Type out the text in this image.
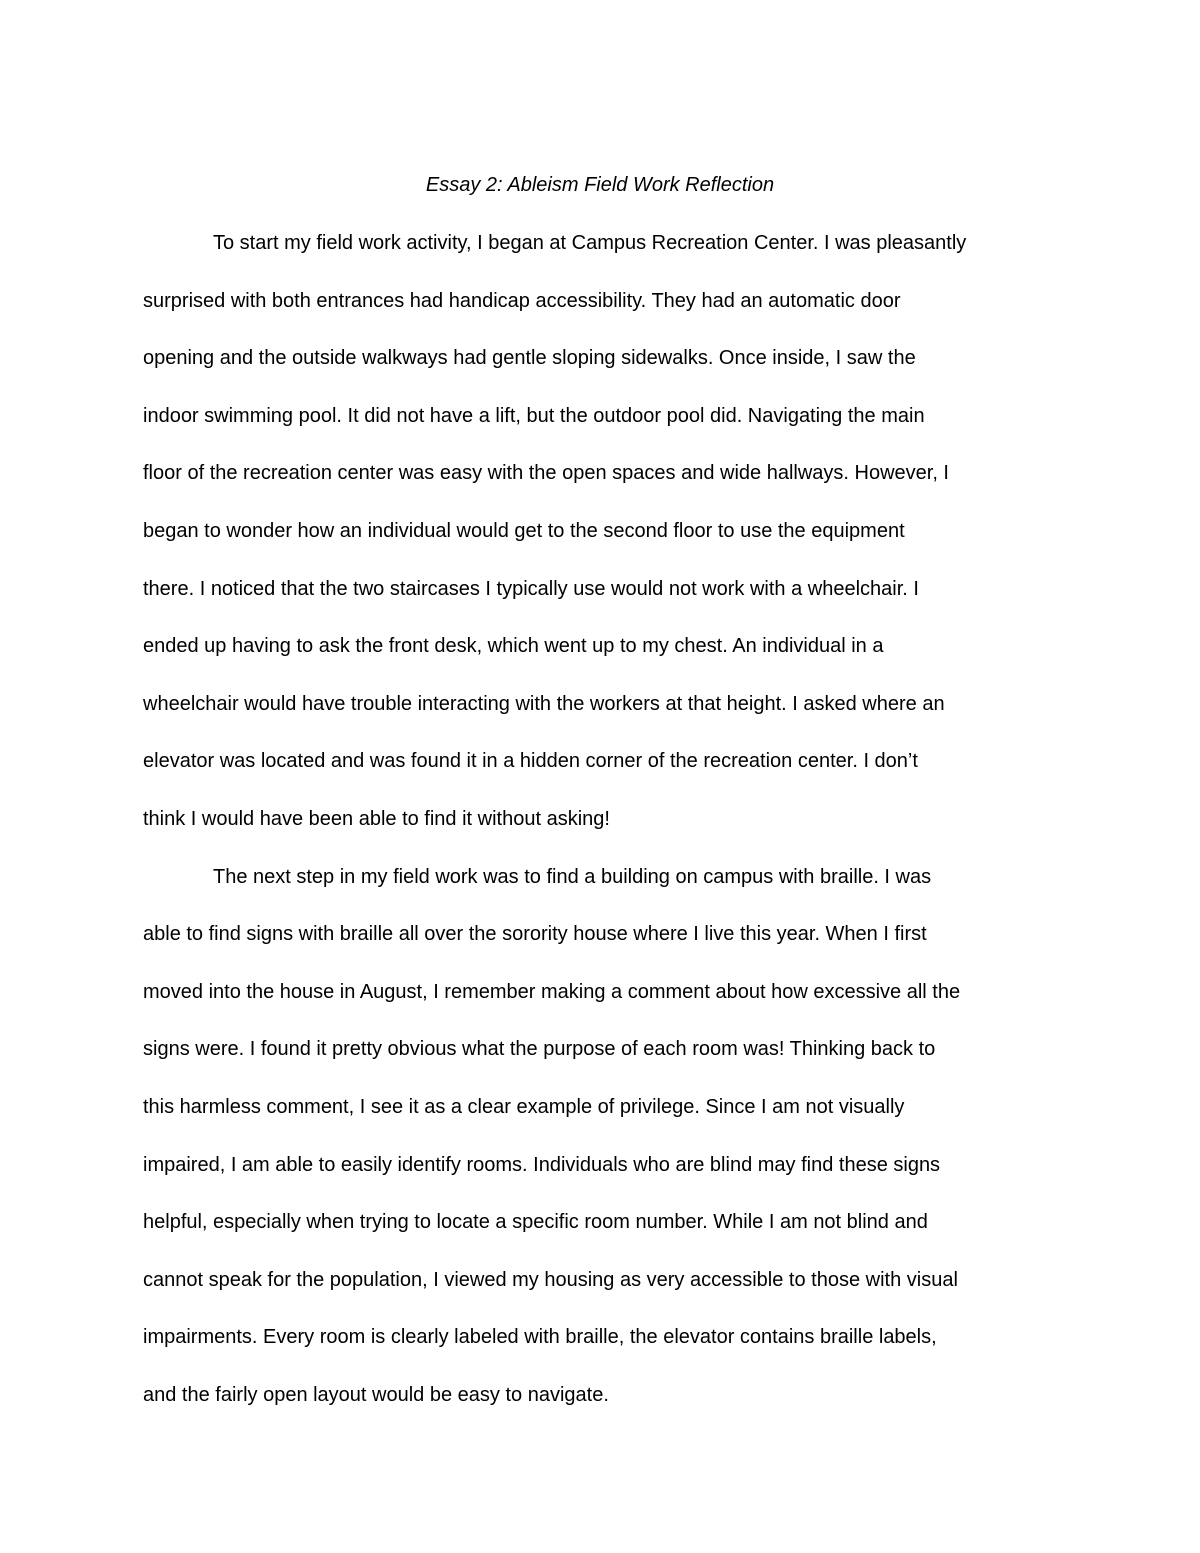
Essay 2: Ableism Field Work Reflection
To start my field work activity, I began at Campus Recreation Center. I was pleasantly
surprised with both entrances had handicap accessibility. They had an automatic door
opening and the outside walkways had gentle sloping sidewalks. Once inside, I saw the
indoor swimming pool. It did not have a lift, but the outdoor pool did. Navigating the main
floor of the recreation center was easy with the open spaces and wide hallways. However, I
began to wonder how an individual would get to the second floor to use the equipment
there. I noticed that the two staircases I typically use would not work with a wheelchair. I
ended up having to ask the front desk, which went up to my chest. An individual in a
wheelchair would have trouble interacting with the workers at that height. I asked where an
elevator was located and was found it in a hidden corner of the recreation center. I don’t
think I would have been able to find it without asking!
The next step in my field work was to find a building on campus with braille. I was
able to find signs with braille all over the sorority house where I live this year. When I first
moved into the house in August, I remember making a comment about how excessive all the
signs were. I found it pretty obvious what the purpose of each room was! Thinking back to
this harmless comment, I see it as a clear example of privilege. Since I am not visually
impaired, I am able to easily identify rooms. Individuals who are blind may find these signs
helpful, especially when trying to locate a specific room number. While I am not blind and
cannot speak for the population, I viewed my housing as very accessible to those with visual
impairments. Every room is clearly labeled with braille, the elevator contains braille labels,
and the fairly open layout would be easy to navigate.
